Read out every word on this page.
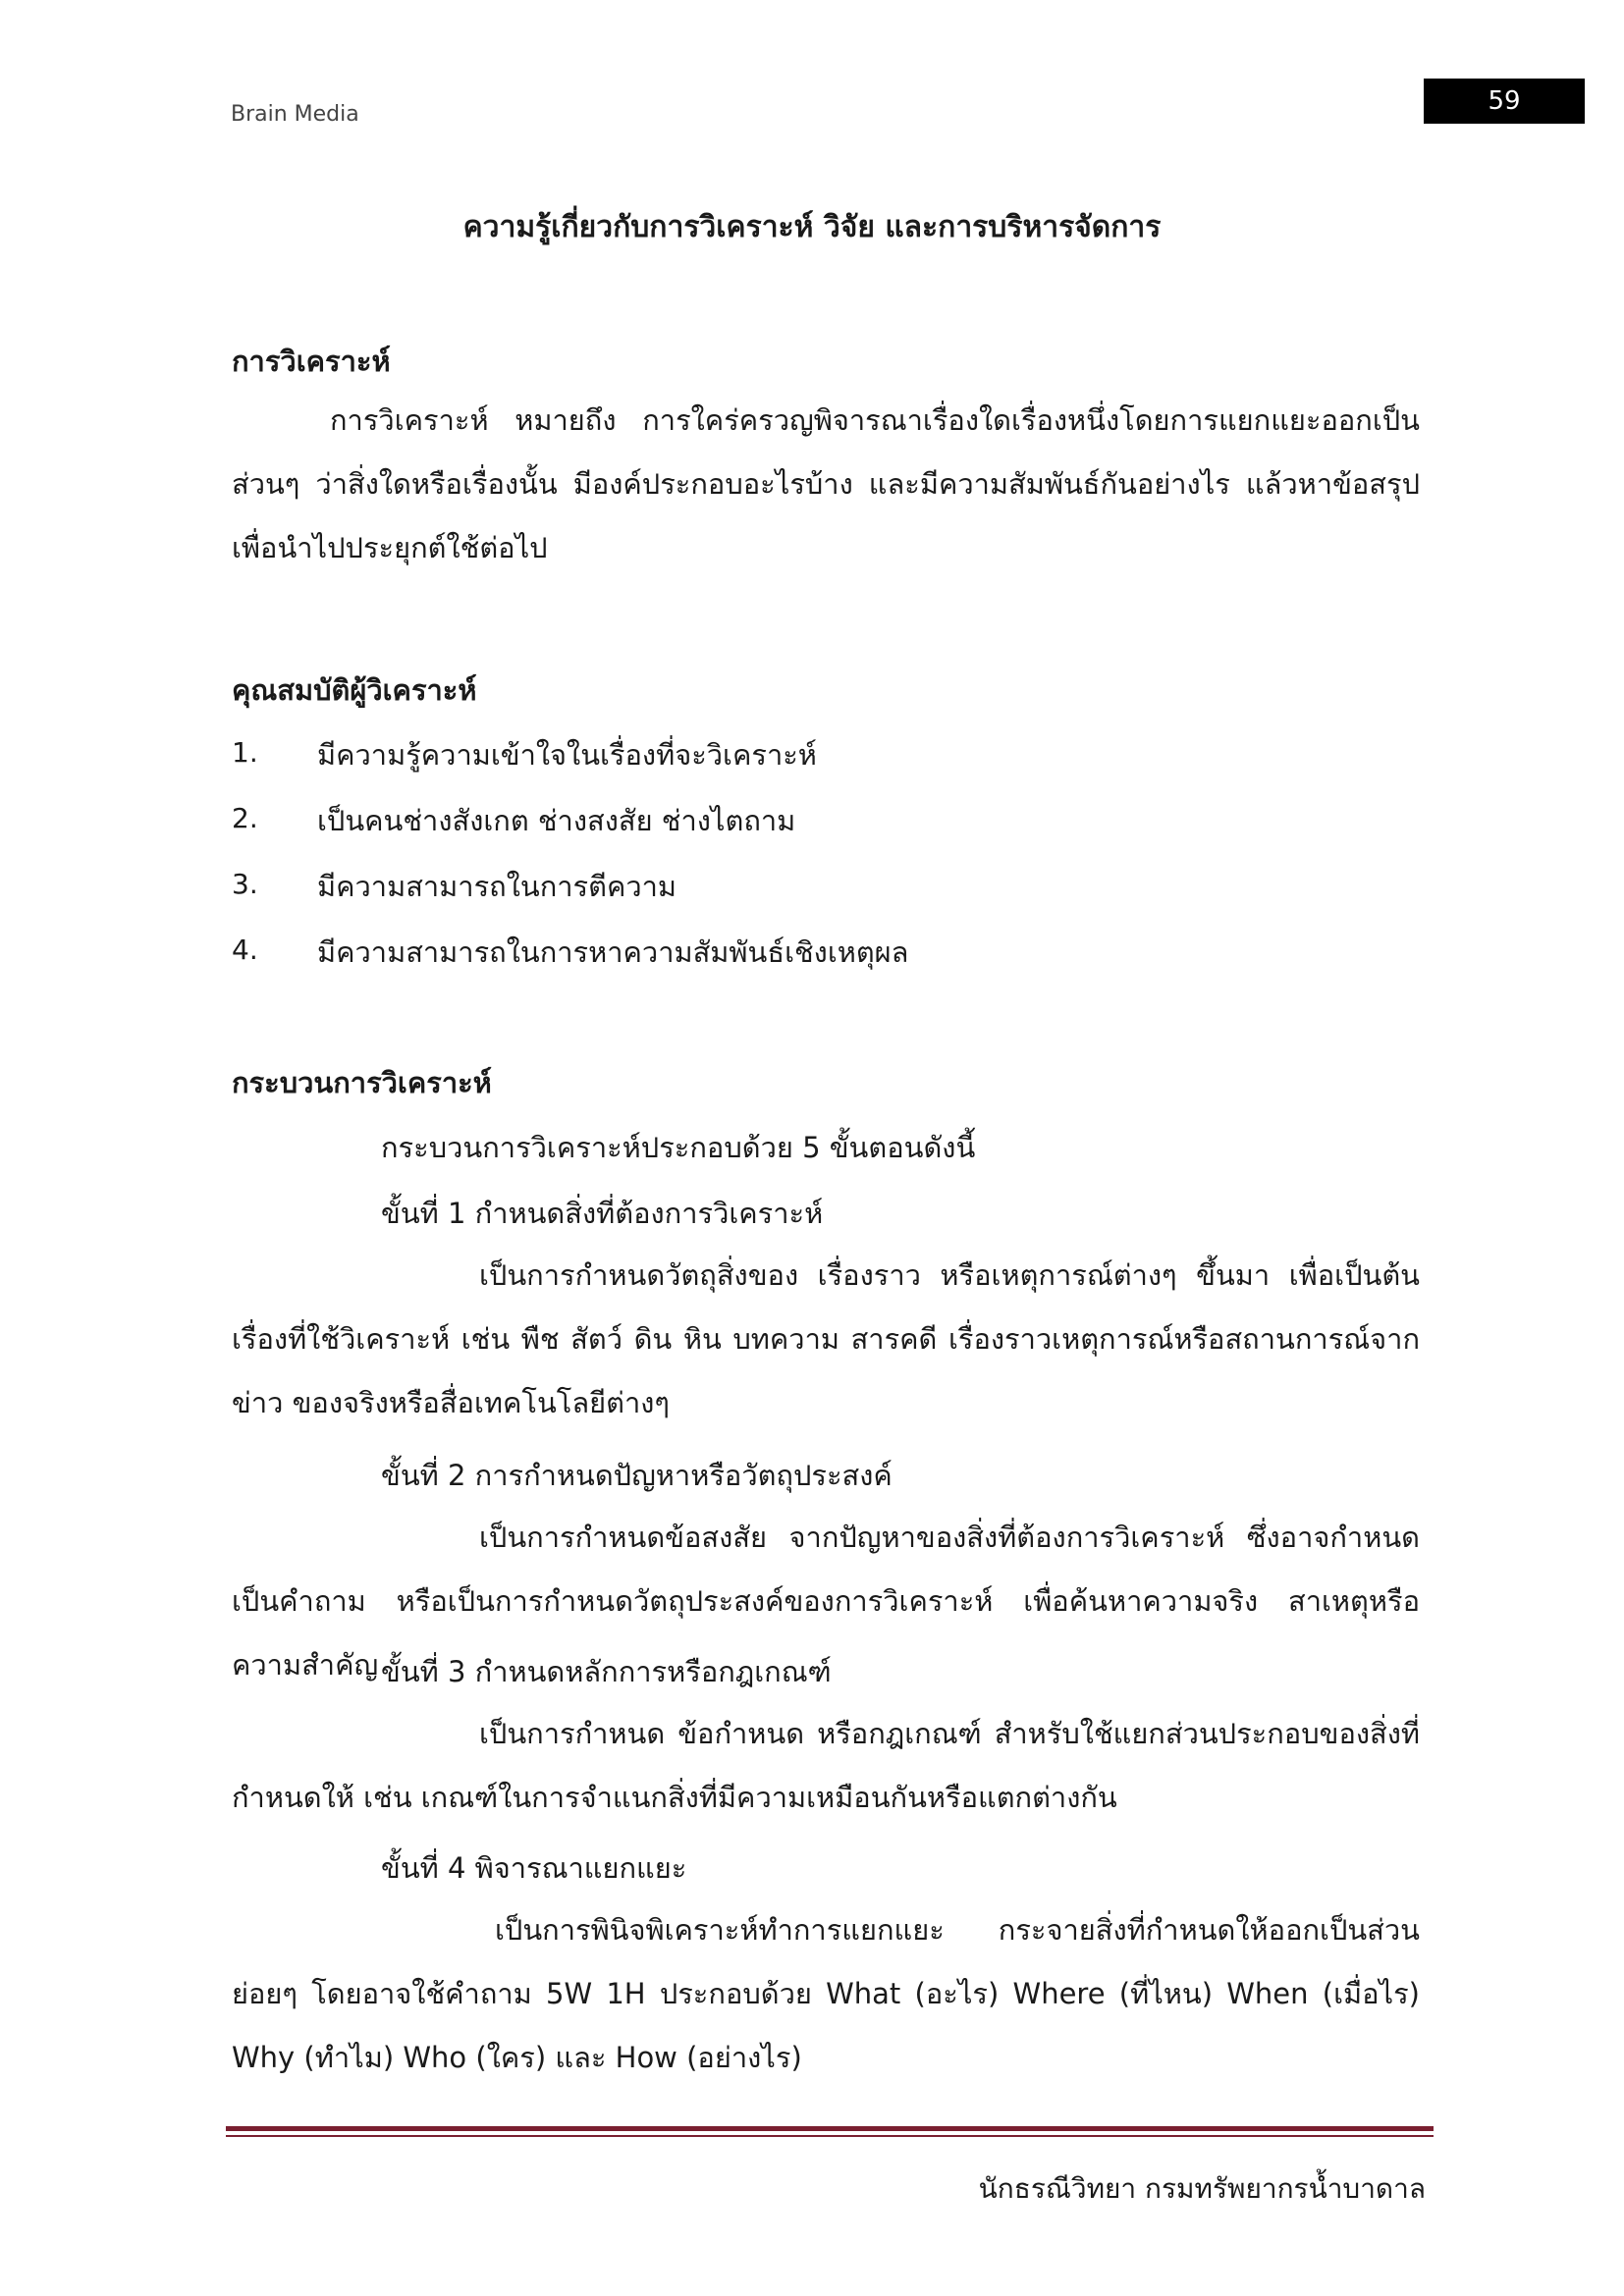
Brain Media	59
ความรู้เกี่ยวกับการวิเคราะห์ วิจัย และการบริหารจัดการ
การวิเคราะห์
การวิเคราะห์ หมายถึง การใคร่ครวญพิจารณาเรื่องใดเรื่องหนึ่งโดยการแยกแยะออกเป็นส่วนๆ ว่าสิ่งใดหรือเรื่องนั้น มีองค์ประกอบอะไรบ้าง และมีความสัมพันธ์กันอย่างไร แล้วหาข้อสรุปเพื่อนำไปประยุกต์ใช้ต่อไป
คุณสมบัติผู้วิเคราะห์
1. มีความรู้ความเข้าใจในเรื่องที่จะวิเคราะห์
2. เป็นคนช่างสังเกต ช่างสงสัย ช่างไตถาม
3. มีความสามารถในการตีความ
4. มีความสามารถในการหาความสัมพันธ์เชิงเหตุผล
กระบวนการวิเคราะห์
กระบวนการวิเคราะห์ประกอบด้วย 5 ขั้นตอนดังนี้
ขั้นที่ 1 กำหนดสิ่งที่ต้องการวิเคราะห์
เป็นการกำหนดวัตถุสิ่งของ เรื่องราว หรือเหตุการณ์ต่างๆ ขึ้นมา เพื่อเป็นต้นเรื่องที่ใช้วิเคราะห์ เช่น พืช สัตว์ ดิน หิน บทความ สารคดี เรื่องราวเหตุการณ์หรือสถานการณ์จากข่าว ของจริงหรือสื่อเทคโนโลยีต่างๆ
ขั้นที่ 2 การกำหนดปัญหาหรือวัตถุประสงค์
เป็นการกำหนดข้อสงสัย จากปัญหาของสิ่งที่ต้องการวิเคราะห์ ซึ่งอาจกำหนดเป็นคำถาม หรือเป็นการกำหนดวัตถุประสงค์ของการวิเคราะห์ เพื่อค้นหาความจริง สาเหตุหรือความสำคัญ ขั้นที่ 3 กำหนดหลักการหรือกฎเกณฑ์
เป็นการกำหนด ข้อกำหนด หรือกฎเกณฑ์ สำหรับใช้แยกส่วนประกอบของสิ่งที่กำหนดให้ เช่น เกณฑ์ในการจำแนกสิ่งที่มีความเหมือนกันหรือแตกต่างกัน
ขั้นที่ 4 พิจารณาแยกแยะ
เป็นการพินิจพิเคราะห์ทำการแยกแยะ กระจายสิ่งที่กำหนดให้ออกเป็นส่วนย่อยๆ โดยอาจใช้คำถาม 5W 1H ประกอบด้วย What (อะไร) Where (ที่ไหน) When (เมื่อไร) Why (ทำไม) Who (ใคร) และ How (อย่างไร)
นักธรณีวิทยา กรมทรัพยากรน้ำบาดาล
